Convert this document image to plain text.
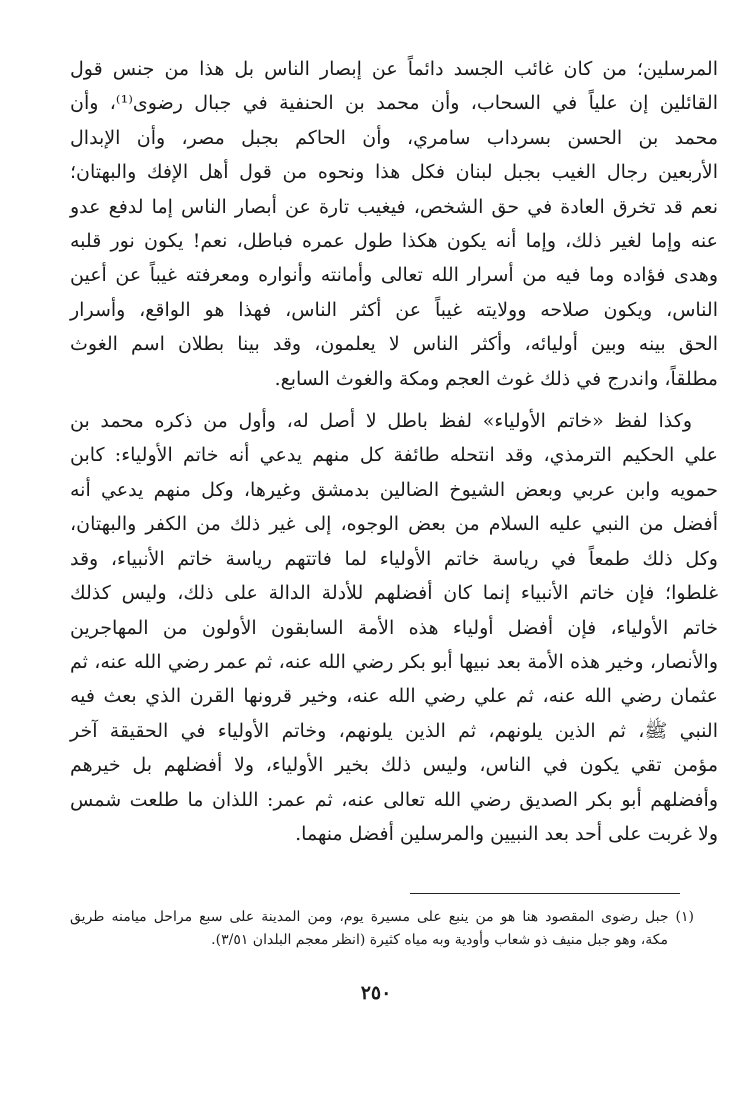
المرسلين؛ من كان غائب الجسد دائماً عن إبصار الناس بل هذا من جنس قول
القائلين إن علياً في السحاب، وأن محمد بن الحنفية في جبال رضوى⁽¹⁾، وأن
محمد بن الحسن بسرداب سامري، وأن الحاكم بجبل مصر، وأن الإبدال
الأربعين رجال الغيب بجبل لبنان فكل هذا ونحوه من قول أهل الإفك والبهتان؛
نعم قد تخرق العادة في حق الشخص، فيغيب تارة عن أبصار الناس إما لدفع عدو
عنه وإما لغير ذلك، وإما أنه يكون هكذا طول عمره فباطل، نعم! يكون نور قلبه
وهدى فؤاده وما فيه من أسرار الله تعالى وأمانته وأنواره ومعرفته غيباً عن أعين
الناس، ويكون صلاحه وولايته غيباً عن أكثر الناس، فهذا هو الواقع، وأسرار
الحق بينه وبين أوليائه، وأكثر الناس لا يعلمون، وقد بينا بطلان اسم الغوث
مطلقاً، واندرج في ذلك غوث العجم ومكة والغوث السابع.
وكذا لفظ «خاتم الأولياء» لفظ باطل لا أصل له، وأول من ذكره محمد بن
علي الحكيم الترمذي، وقد انتحله طائفة كل منهم يدعي أنه خاتم الأولياء: كابن
حمويه وابن عربي وبعض الشيوخ الضالين بدمشق وغيرها، وكل منهم يدعي أنه
أفضل من النبي عليه السلام من بعض الوجوه، إلى غير ذلك من الكفر والبهتان،
وكل ذلك طمعاً في رياسة خاتم الأولياء لما فاتتهم رياسة خاتم الأنبياء، وقد
غلطوا؛ فإن خاتم الأنبياء إنما كان أفضلهم للأدلة الدالة على ذلك، وليس كذلك
خاتم الأولياء، فإن أفضل أولياء هذه الأمة السابقون الأولون من المهاجرين
والأنصار، وخير هذه الأمة بعد نبيها أبو بكر رضي الله عنه، ثم عمر رضي الله عنه، ثم
عثمان رضي الله عنه، ثم علي رضي الله عنه، وخير قرونها القرن الذي بعث فيه
النبي ﷺ، ثم الذين يلونهم، ثم الذين يلونهم، وخاتم الأولياء في الحقيقة آخر
مؤمن تقي يكون في الناس، وليس ذلك بخير الأولياء، ولا أفضلهم بل خيرهم
وأفضلهم أبو بكر الصديق رضي الله تعالى عنه، ثم عمر: اللذان ما طلعت شمس
ولا غربت على أحد بعد النبيين والمرسلين أفضل منهما.
(١) جبل رضوى المقصود هنا هو من ينبع على مسيرة يوم، ومن المدينة على سبع مراحل ميامنه طريق
مكة، وهو جبل منيف ذو شعاب وأودية وبه مياه كثيرة (انظر معجم البلدان ٣/٥١).
٢٥٠
